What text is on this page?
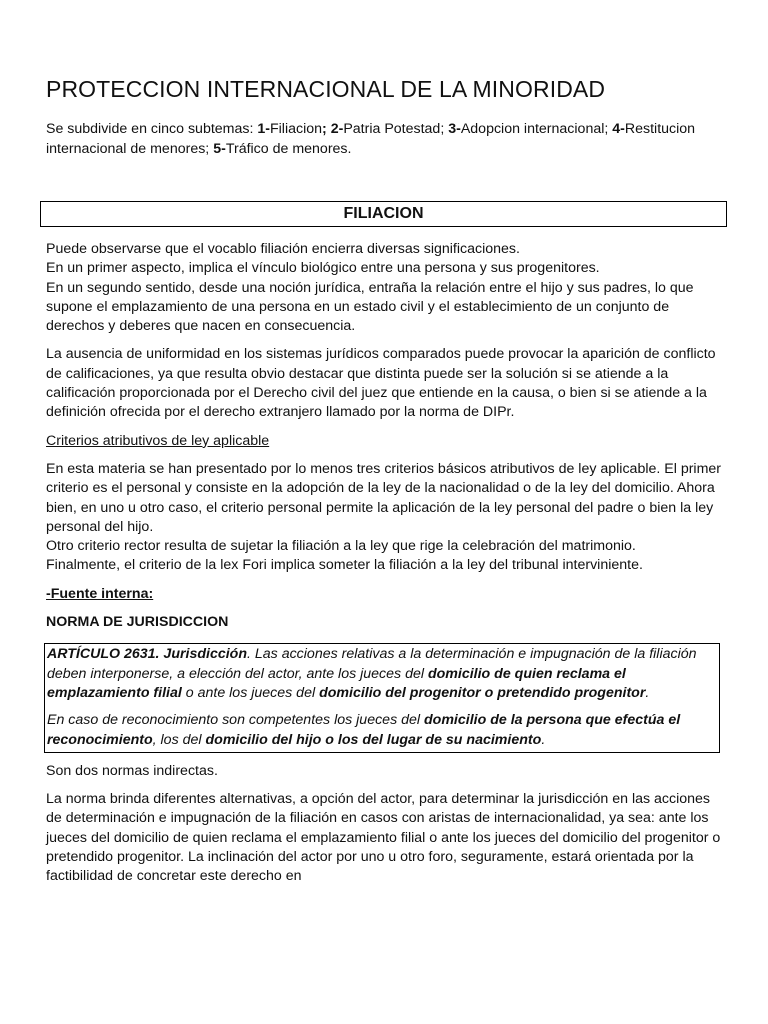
PROTECCION INTERNACIONAL DE LA MINORIDAD

Se subdivide en cinco subtemas: 1-Filiacion; 2-Patria Potestad; 3-Adopcion internacional; 4-Restitucion internacional de menores; 5-Tráfico de menores.

FILIACION

Puede observarse que el vocablo filiación encierra diversas significaciones.
En un primer aspecto, implica el vínculo biológico entre una persona y sus progenitores.
En un segundo sentido, desde una noción jurídica, entraña la relación entre el hijo y sus padres, lo que supone el emplazamiento de una persona en un estado civil y el establecimiento de un conjunto de derechos y deberes que nacen en consecuencia.

La ausencia de uniformidad en los sistemas jurídicos comparados puede provocar la aparición de conflicto de calificaciones, ya que resulta obvio destacar que distinta puede ser la solución si se atiende a la calificación proporcionada por el Derecho civil del juez que entiende en la causa, o bien si se atiende a la definición ofrecida por el derecho extranjero llamado por la norma de DIPr.

Criterios atributivos de ley aplicable

En esta materia se han presentado por lo menos tres criterios básicos atributivos de ley aplicable. El primer criterio es el personal y consiste en la adopción de la ley de la nacionalidad o de la ley del domicilio. Ahora bien, en uno u otro caso, el criterio personal permite la aplicación de la ley personal del padre o bien la ley personal del hijo.
Otro criterio rector resulta de sujetar la filiación a la ley que rige la celebración del matrimonio.
Finalmente, el criterio de la lex Fori implica someter la filiación a la ley del tribunal interviniente.

-Fuente interna:

NORMA DE JURISDICCION

ARTÍCULO 2631. Jurisdicción. Las acciones relativas a la determinación e impugnación de la filiación deben interponerse, a elección del actor, ante los jueces del domicilio de quien reclama el emplazamiento filial o ante los jueces del domicilio del progenitor o pretendido progenitor.

En caso de reconocimiento son competentes los jueces del domicilio de la persona que efectúa el reconocimiento, los del domicilio del hijo o los del lugar de su nacimiento.

Son dos normas indirectas.

La norma brinda diferentes alternativas, a opción del actor, para determinar la jurisdicción en las acciones de determinación e impugnación de la filiación en casos con aristas de internacionalidad, ya sea: ante los jueces del domicilio de quien reclama el emplazamiento filial o ante los jueces del domicilio del progenitor o pretendido progenitor. La inclinación del actor por uno u otro foro, seguramente, estará orientada por la factibilidad de concretar este derecho en
